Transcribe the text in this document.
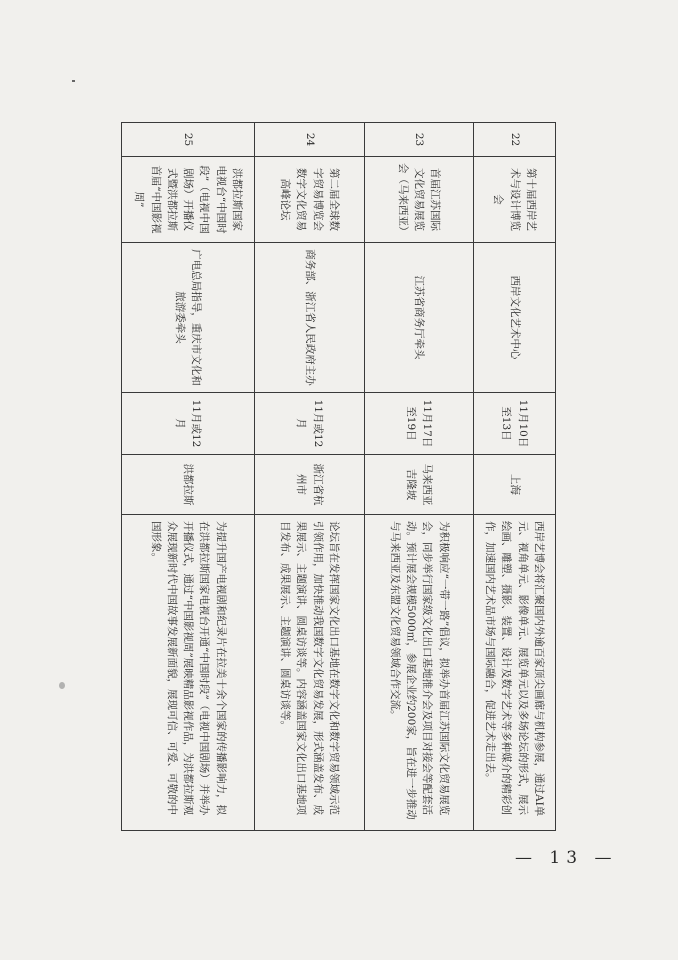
22	第十届西岸艺术与设计博览会	西岸文化艺术中心	11月10日至13日	上海	西岸艺博会将汇聚国内外逾百家顶尖画廊与机构参展，通过AI单元、视角单元、影像单元、展览单元以及多场论坛的形式，展示绘画、雕塑、摄影、装置、设计及数字艺术等多种媒介的精彩创作，加速国内艺术品市场与国际融合，促进艺术走出去。
23	首届江苏国际文化贸易展览会（马来西亚）	江苏省商务厅牵头	11月17日至19日	马来西亚吉隆坡	为积极响应“一带一路”倡议，拟举办首届江苏国际文化贸易展览会，同步举行国家级文化出口基地推介会及项目对接会等配套活动。预计展会规模5000㎡，参展企业约200家，旨在进一步推动与马来西亚及东盟文化贸易领域合作交流。
24	第二届全球数字贸易博览会数字文化贸易高峰论坛	商务部、浙江省人民政府主办	11月或12月	浙江省杭州市	论坛旨在发挥国家文化出口基地在数字文化和数字贸易领域示范引领作用，加快推动我国数字文化贸易发展，形式涵盖发布、成果展示、主题演讲、圆桌访谈等。内容涵盖国家文化出口基地项目发布、成果展示、主题演讲、圆桌访谈等。
25	洪都拉斯国家电视台“中国时段”（电视中国剧场）开播仪式暨洪都拉斯首届“中国影视周”	广电总局指导，重庆市文化和旅游委牵头	11月或12月	洪都拉斯	为提升国产电视剧和纪录片在拉美十余个国家的传播影响力，拟在洪都拉斯国家电视台开通“中国时段”（电视中国剧场）并举办开播仪式，通过“中国影视周”展映精品影视作品，为洪都拉斯观众展现新时代中国故事发展新面貌，展现可信、可爱、可敬的中国形象。
— 13 —
